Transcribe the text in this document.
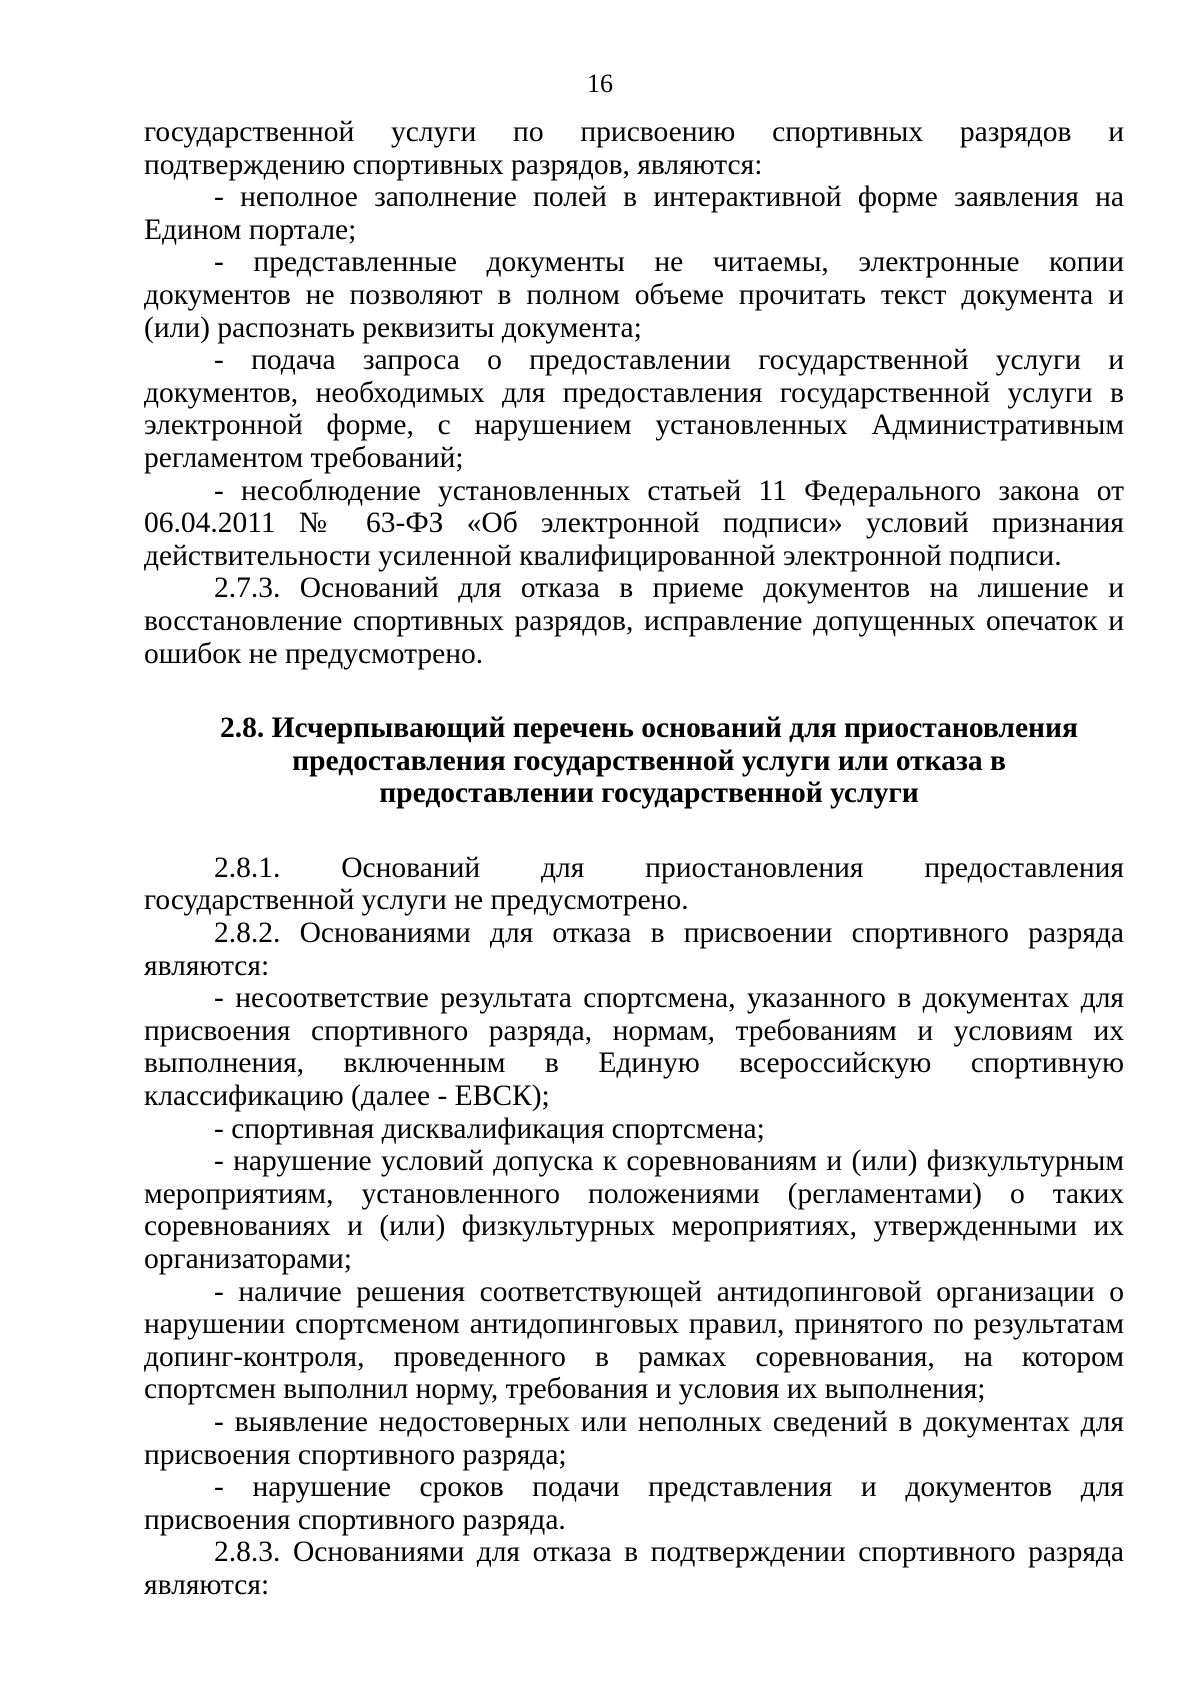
16

государственной услуги по присвоению спортивных разрядов и подтверждению спортивных разрядов, являются:

- неполное заполнение полей в интерактивной форме заявления на Едином портале;

- представленные документы не читаемы, электронные копии документов не позволяют в полном объеме прочитать текст документа и (или) распознать реквизиты документа;

- подача запроса о предоставлении государственной услуги и документов, необходимых для предоставления государственной услуги в электронной форме, с нарушением установленных Административным регламентом требований;

- несоблюдение установленных статьей 11 Федерального закона от 06.04.2011 № 63-ФЗ «Об электронной подписи» условий признания действительности усиленной квалифицированной электронной подписи.

2.7.3. Оснований для отказа в приеме документов на лишение и восстановление спортивных разрядов, исправление допущенных опечаток и ошибок не предусмотрено.

2.8. Исчерпывающий перечень оснований для приостановления предоставления государственной услуги или отказа в предоставлении государственной услуги

2.8.1. Оснований для приостановления предоставления государственной услуги не предусмотрено.

2.8.2. Основаниями для отказа в присвоении спортивного разряда являются:

- несоответствие результата спортсмена, указанного в документах для присвоения спортивного разряда, нормам, требованиям и условиям их выполнения, включенным в Единую всероссийскую спортивную классификацию (далее - ЕВСК);

- спортивная дисквалификация спортсмена;

- нарушение условий допуска к соревнованиям и (или) физкультурным мероприятиям, установленного положениями (регламентами) о таких соревнованиях и (или) физкультурных мероприятиях, утвержденными их организаторами;

- наличие решения соответствующей антидопинговой организации о нарушении спортсменом антидопинговых правил, принятого по результатам допинг-контроля, проведенного в рамках соревнования, на котором спортсмен выполнил норму, требования и условия их выполнения;

- выявление недостоверных или неполных сведений в документах для присвоения спортивного разряда;

- нарушение сроков подачи представления и документов для присвоения спортивного разряда.

2.8.3. Основаниями для отказа в подтверждении спортивного разряда являются:
